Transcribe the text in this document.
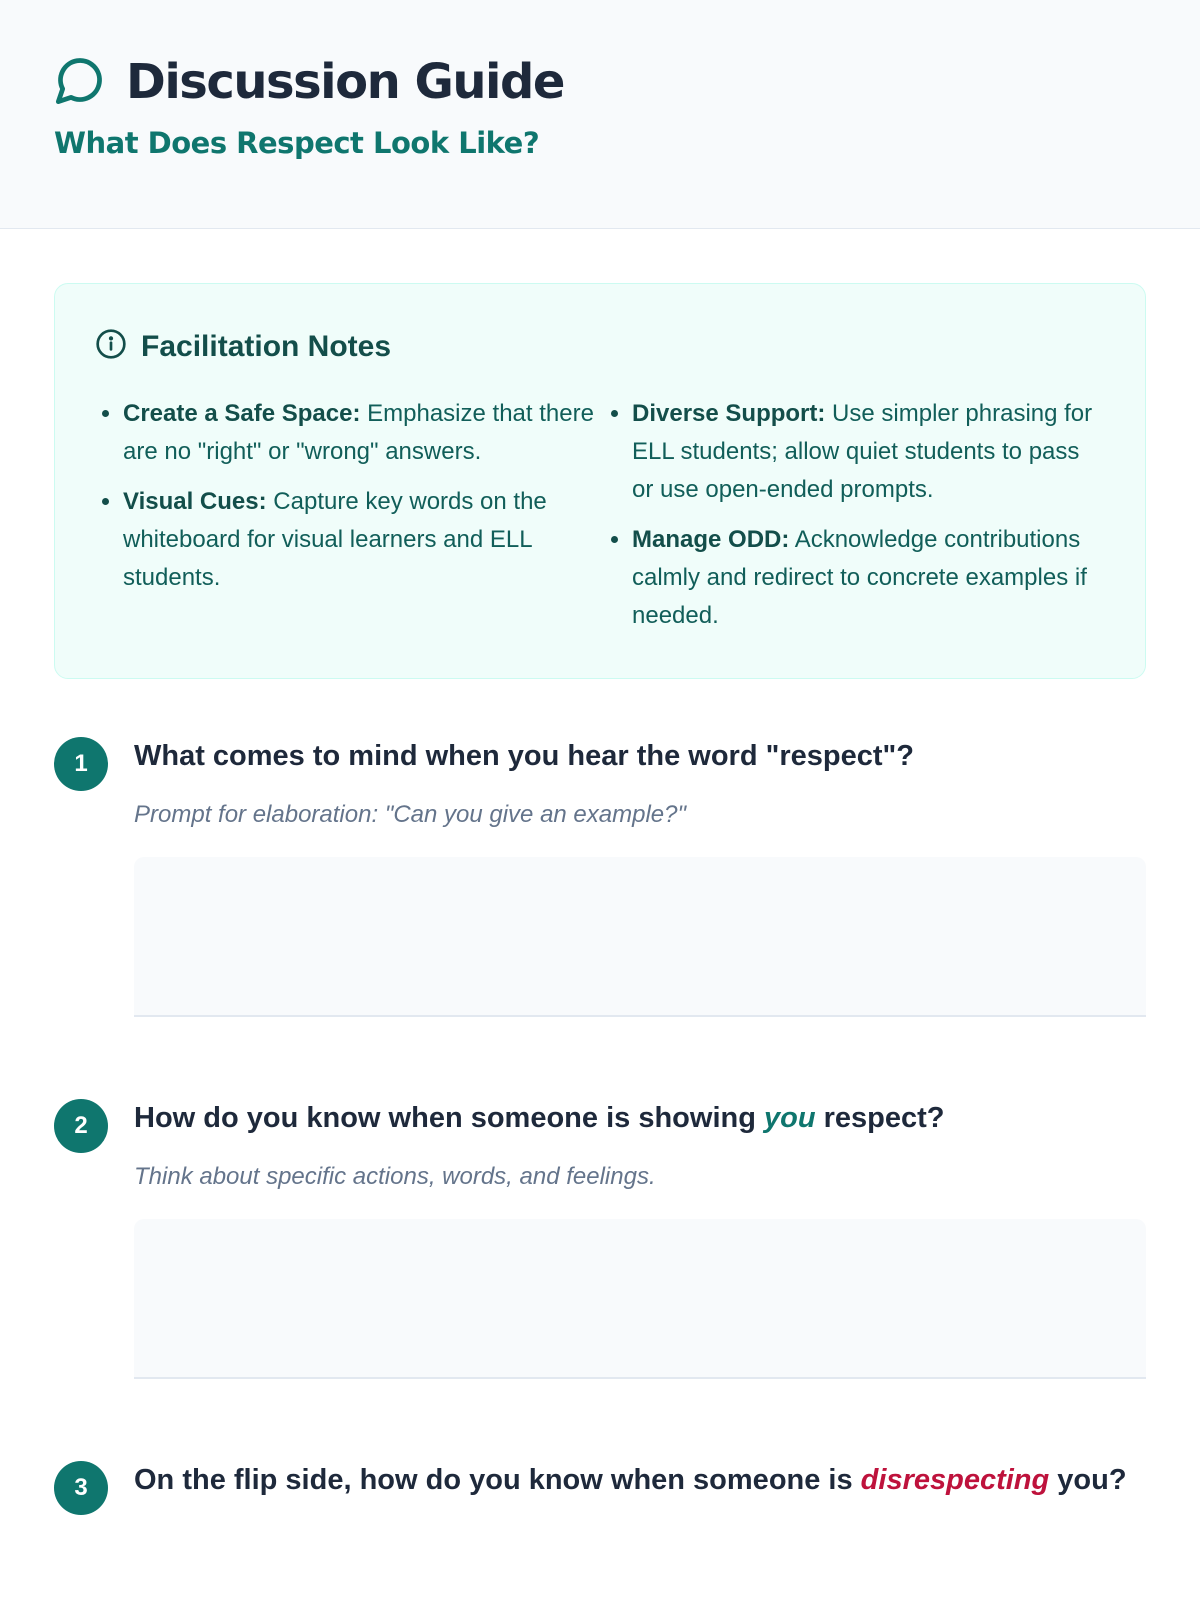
Discussion Guide
What Does Respect Look Like?
Facilitation Notes
• Create a Safe Space: Emphasize that there are no "right" or "wrong" answers.
• Visual Cues: Capture key words on the whiteboard for visual learners and ELL students.
• Diverse Support: Use simpler phrasing for ELL students; allow quiet students to pass or use open-ended prompts.
• Manage ODD: Acknowledge contributions calmly and redirect to concrete examples if needed.
1	What comes to mind when you hear the word "respect"?
Prompt for elaboration: "Can you give an example?"
2	How do you know when someone is showing you respect?
Think about specific actions, words, and feelings.
3	On the flip side, how do you know when someone is disrespecting you?
